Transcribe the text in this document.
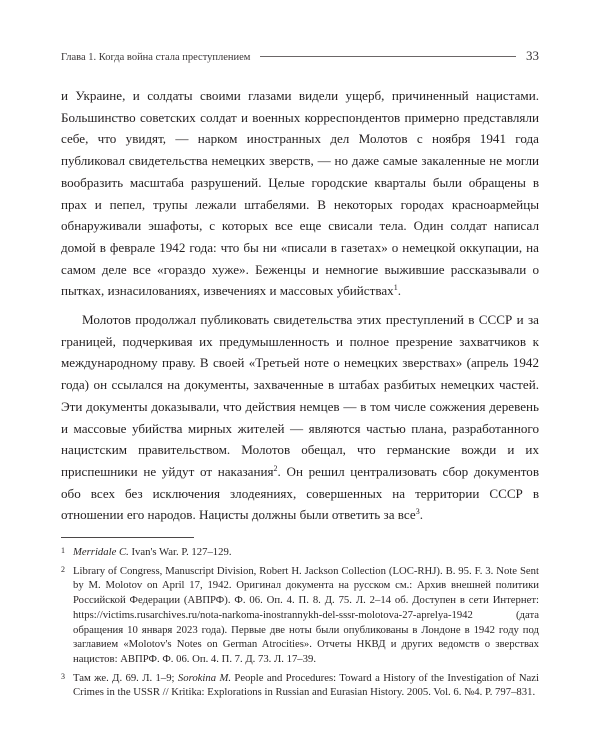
Глава 1. Когда война стала преступлением	33

и Украине, и солдаты своими глазами видели ущерб, причиненный нацистами. Большинство советских солдат и военных корреспондентов примерно представляли себе, что увидят, — нарком иностранных дел Молотов с ноября 1941 года публиковал свидетельства немецких зверств, — но даже самые закаленные не могли вообразить масштаба разрушений. Целые городские кварталы были обращены в прах и пепел, трупы лежали штабелями. В некоторых городах красноармейцы обнаруживали эшафоты, с которых все еще свисали тела. Один солдат написал домой в феврале 1942 года: что бы ни «писали в газетах» о немецкой оккупации, на самом деле все «гораздо хуже». Беженцы и немногие выжившие рассказывали о пытках, изнасилованиях, извечениях и массовых убийствах$^1$.

Молотов продолжал публиковать свидетельства этих преступлений в СССР и за границей, подчеркивая их предумышленность и полное презрение захватчиков к международному праву. В своей «Третьей ноте о немецких зверствах» (апрель 1942 года) он ссылался на документы, захваченные в штабах разбитых немецких частей. Эти документы доказывали, что действия немцев — в том числе сожжения деревень и массовые убийства мирных жителей — являются частью плана, разработанного нацистским правительством. Молотов обещал, что германские вожди и их приспешники не уйдут от наказания$^2$. Он решил централизовать сбор документов обо всех без исключения злодеяниях, совершенных на территории СССР в отношении его народов. Нацисты должны были ответить за все$^3$.

1 Merridale C. Ivan's War. P. 127–129.
2 Library of Congress, Manuscript Division, Robert H. Jackson Collection (LOC-RHJ). B. 95. F. 3. Note Sent by M. Molotov on April 17, 1942. Оригинал документа на русском см.: Архив внешней политики Российской Федерации (АВПРФ). Ф. 06. Оп. 4. П. 8. Д. 75. Л. 2–14 об. Доступен в сети Интернет: https://victims.rusarchives.ru/nota-narkoma-inostrannykh-del-sssr-molotova-27-aprelya-1942 (дата обращения 10 января 2023 года). Первые две ноты были опубликованы в Лондоне в 1942 году под заглавием «Molotov's Notes on German Atrocities». Отчеты НКВД и других ведомств о зверствах нацистов: АВПРФ. Ф. 06. Оп. 4. П. 7. Д. 73. Л. 17–39.
3 Там же. Д. 69. Л. 1–9; Sorokina M. People and Procedures: Toward a History of the Investigation of Nazi Crimes in the USSR // Kritika: Explorations in Russian and Eurasian History. 2005. Vol. 6. №4. P. 797–831.
